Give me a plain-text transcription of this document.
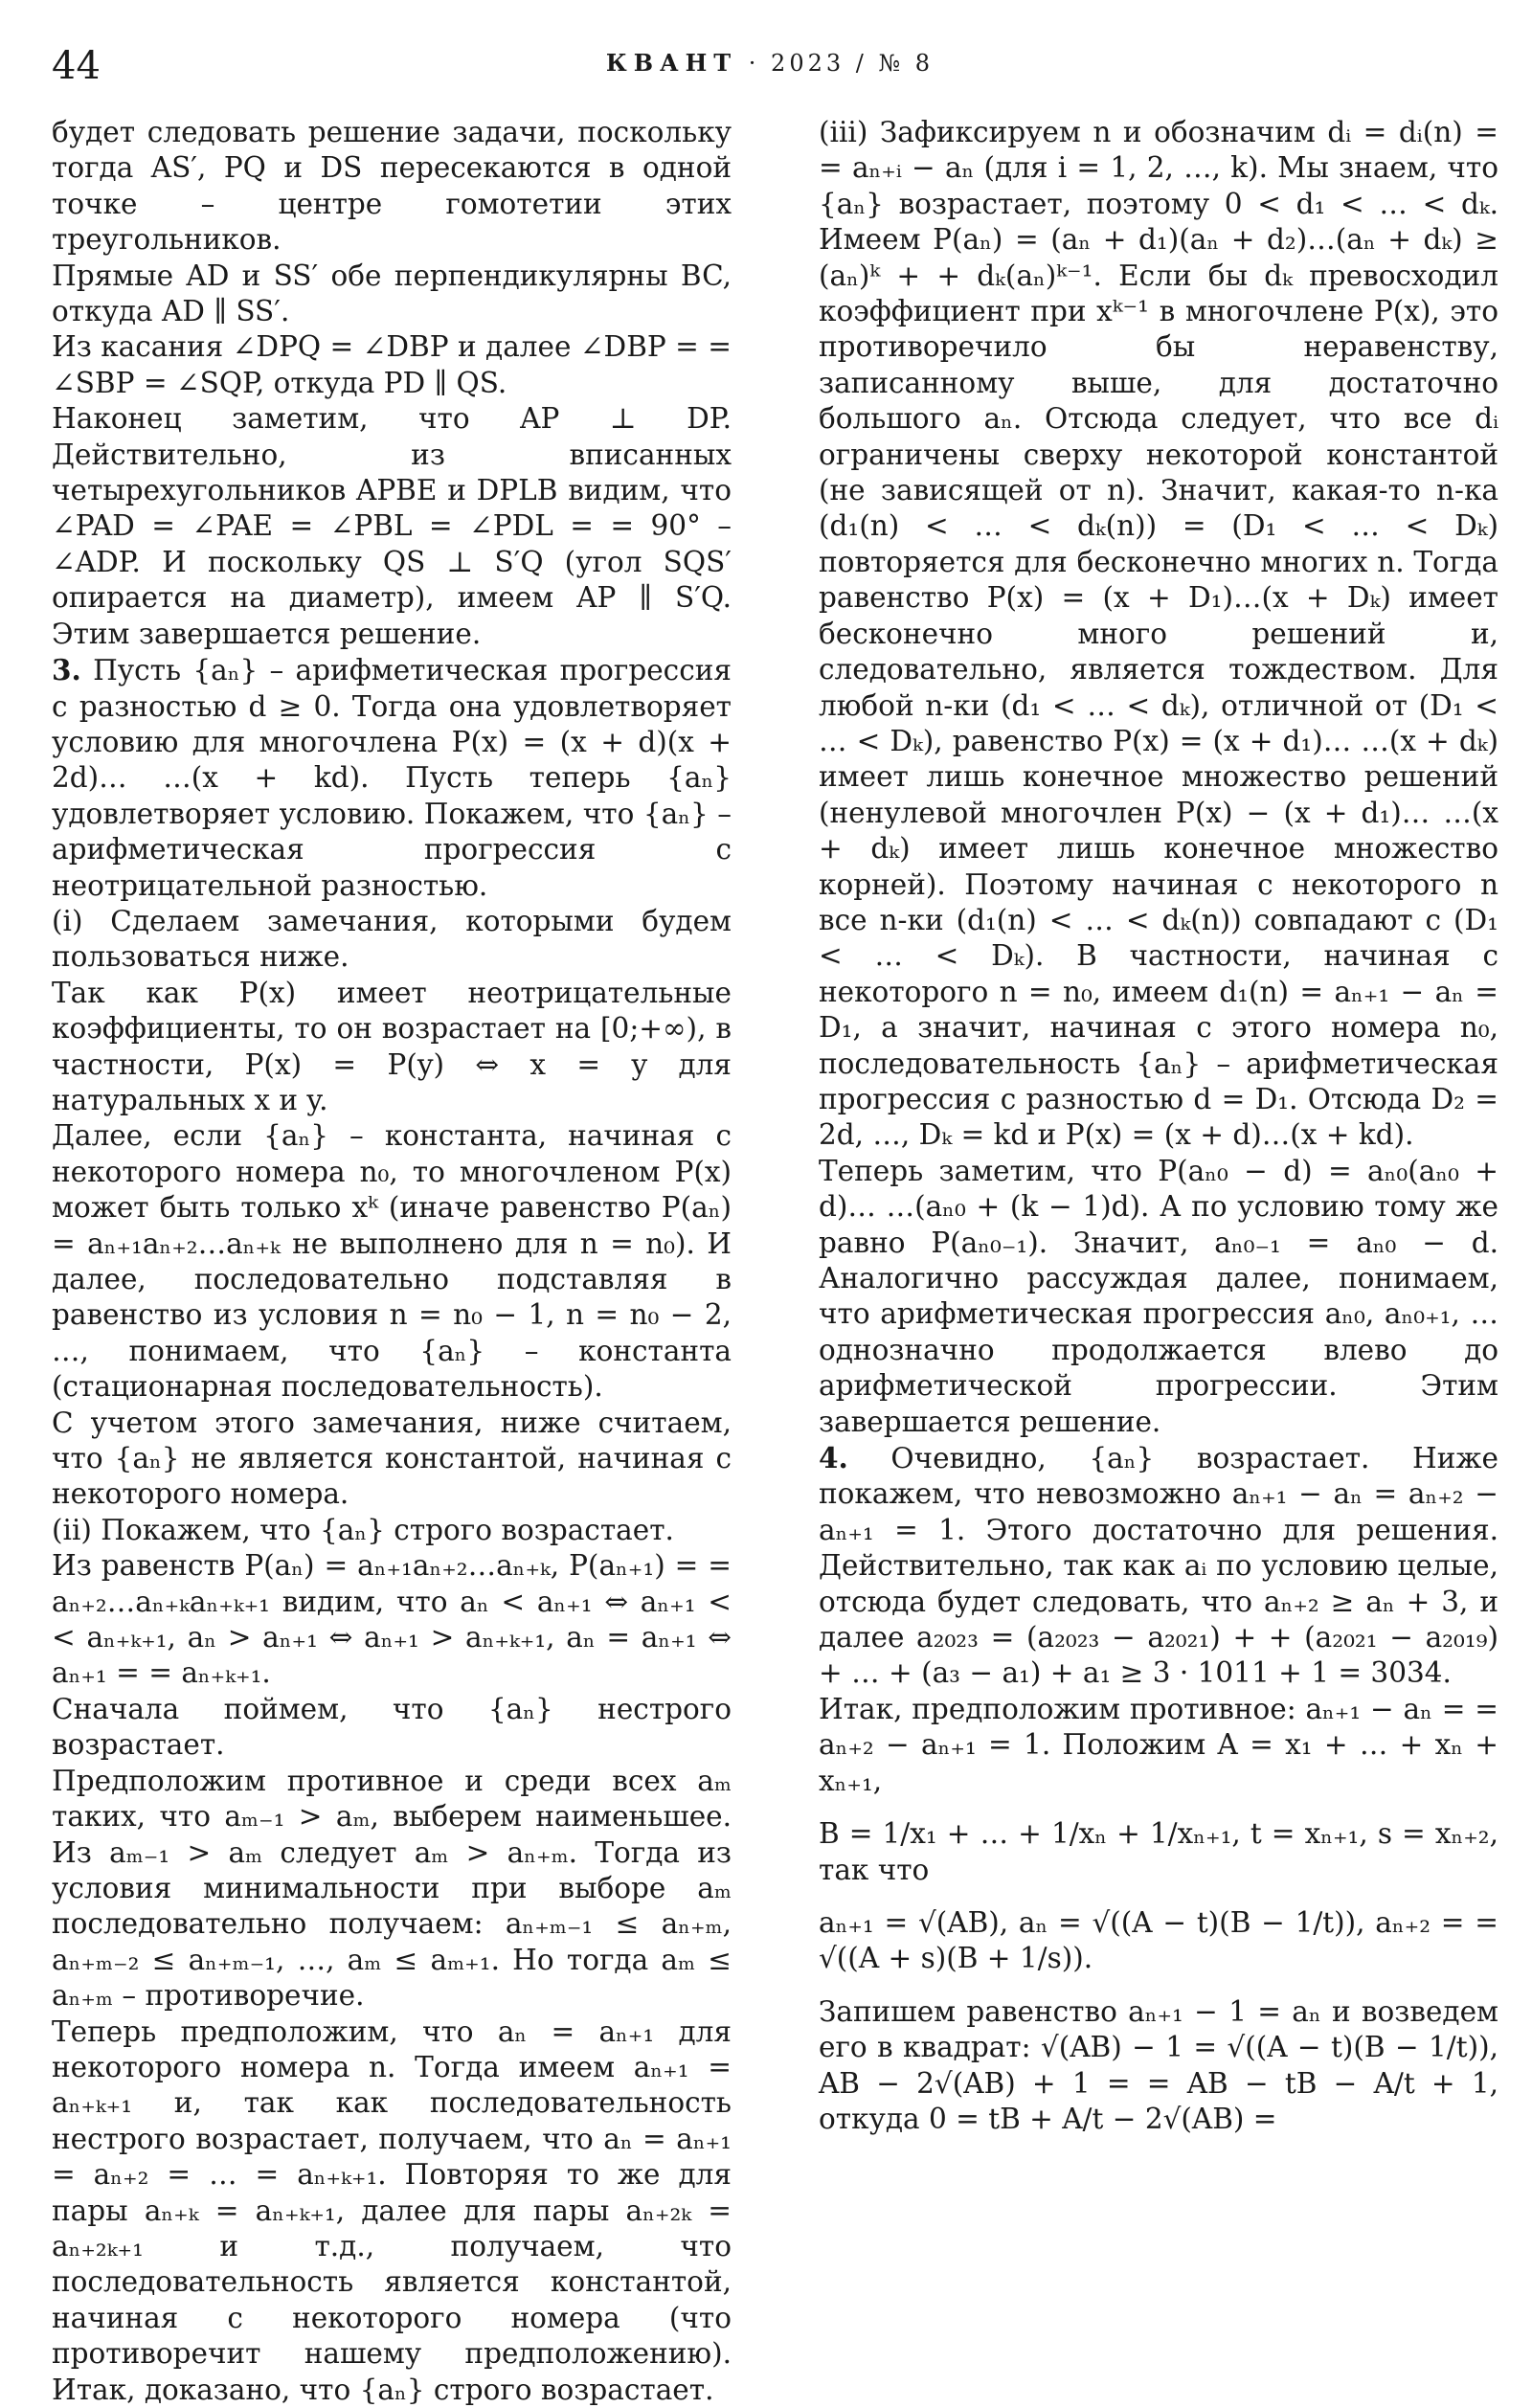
44	КВАНТ · 2023 / № 8

будет следовать решение задачи, поскольку тогда AS′, PQ и DS пересекаются в одной точке – центре гомотетии этих треугольников.

Прямые AD и SS′ обе перпендикулярны BC, откуда AD ∥ SS′.

Из касания ∠DPQ = ∠DBP и далее ∠DBP = = ∠SBP = ∠SQP, откуда PD ∥ QS.

Наконец заметим, что AP ⊥ DP. Действительно, из вписанных четырехугольников APBE и DPLB видим, что ∠PAD = ∠PAE = ∠PBL = ∠PDL = = 90° – ∠ADP. И поскольку QS ⊥ S′Q (угол SQS′ опирается на диаметр), имеем AP ∥ S′Q. Этим завершается решение.

3. Пусть {aₙ} – арифметическая прогрессия с разностью d ≥ 0. Тогда она удовлетворяет условию для многочлена P(x) = (x + d)(x + 2d)… …(x + kd). Пусть теперь {aₙ} удовлетворяет условию. Покажем, что {aₙ} – арифметическая прогрессия с неотрицательной разностью.

(i) Сделаем замечания, которыми будем пользоваться ниже.

Так как P(x) имеет неотрицательные коэффициенты, то он возрастает на [0;+∞), в частности, P(x) = P(y) ⇔ x = y для натуральных x и y.

Далее, если {aₙ} – константа, начиная с некоторого номера n₀, то многочленом P(x) может быть только xᵏ (иначе равенство P(aₙ) = aₙ₊₁aₙ₊₂…aₙ₊ₖ не выполнено для n = n₀). И далее, последовательно подставляя в равенство из условия n = n₀ − 1, n = n₀ − 2, …, понимаем, что {aₙ} – константа (стационарная последовательность).

С учетом этого замечания, ниже считаем, что {aₙ} не является константой, начиная с некоторого номера.

(ii) Покажем, что {aₙ} строго возрастает.

Из равенств P(aₙ) = aₙ₊₁aₙ₊₂…aₙ₊ₖ, P(aₙ₊₁) = = aₙ₊₂…aₙ₊ₖaₙ₊ₖ₊₁ видим, что aₙ < aₙ₊₁ ⇔ aₙ₊₁ < < aₙ₊ₖ₊₁, aₙ > aₙ₊₁ ⇔ aₙ₊₁ > aₙ₊ₖ₊₁, aₙ = aₙ₊₁ ⇔ aₙ₊₁ = = aₙ₊ₖ₊₁.

Сначала поймем, что {aₙ} нестрого возрастает.

Предположим противное и среди всех aₘ таких, что aₘ₋₁ > aₘ, выберем наименьшее. Из aₘ₋₁ > aₘ следует aₘ > aₙ₊ₘ. Тогда из условия минимальности при выборе aₘ последовательно получаем: aₙ₊ₘ₋₁ ≤ aₙ₊ₘ, aₙ₊ₘ₋₂ ≤ aₙ₊ₘ₋₁, …, aₘ ≤ aₘ₊₁. Но тогда aₘ ≤ aₙ₊ₘ – противоречие.

Теперь предположим, что aₙ = aₙ₊₁ для некоторого номера n. Тогда имеем aₙ₊₁ = aₙ₊ₖ₊₁ и, так как последовательность нестрого возрастает, получаем, что aₙ = aₙ₊₁ = aₙ₊₂ = … = aₙ₊ₖ₊₁. Повторяя то же для пары aₙ₊ₖ = aₙ₊ₖ₊₁, далее для пары aₙ₊₂ₖ = aₙ₊₂ₖ₊₁ и т.д., получаем, что последовательность является константой, начиная с некоторого номера (что противоречит нашему предположению). Итак, доказано, что {aₙ} строго возрастает.

(iii) Зафиксируем n и обозначим dᵢ = dᵢ(n) = = aₙ₊ᵢ − aₙ (для i = 1, 2, …, k). Мы знаем, что {aₙ} возрастает, поэтому 0 < d₁ < … < dₖ. Имеем P(aₙ) = (aₙ + d₁)(aₙ + d₂)…(aₙ + dₖ) ≥ (aₙ)ᵏ + + dₖ(aₙ)ᵏ⁻¹. Если бы dₖ превосходил коэффициент при xᵏ⁻¹ в многочлене P(x), это противоречило бы неравенству, записанному выше, для достаточно большого aₙ. Отсюда следует, что все dᵢ ограничены сверху некоторой константой (не зависящей от n). Значит, какая-то n-ка (d₁(n) < … < dₖ(n)) = (D₁ < … < Dₖ) повторяется для бесконечно многих n. Тогда равенство P(x) = (x + D₁)…(x + Dₖ) имеет бесконечно много решений и, следовательно, является тождеством. Для любой n-ки (d₁ < … < dₖ), отличной от (D₁ < … < Dₖ), равенство P(x) = (x + d₁)… …(x + dₖ) имеет лишь конечное множество решений (ненулевой многочлен P(x) − (x + d₁)… …(x + dₖ) имеет лишь конечное множество корней). Поэтому начиная с некоторого n все n-ки (d₁(n) < … < dₖ(n)) совпадают с (D₁ < … < Dₖ). В частности, начиная с некоторого n = n₀, имеем d₁(n) = aₙ₊₁ − aₙ = D₁, а значит, начиная с этого номера n₀, последовательность {aₙ} – арифметическая прогрессия с разностью d = D₁. Отсюда D₂ = 2d, …, Dₖ = kd и P(x) = (x + d)…(x + kd).

Теперь заметим, что P(aₙ₀ − d) = aₙ₀(aₙ₀ + d)… …(aₙ₀ + (k − 1)d). А по условию тому же равно P(aₙ₀₋₁). Значит, aₙ₀₋₁ = aₙ₀ − d. Аналогично рассуждая далее, понимаем, что арифметическая прогрессия aₙ₀, aₙ₀₊₁, … однозначно продолжается влево до арифметической прогрессии. Этим завершается решение.

4. Очевидно, {aₙ} возрастает. Ниже покажем, что невозможно aₙ₊₁ − aₙ = aₙ₊₂ − aₙ₊₁ = 1. Этого достаточно для решения. Действительно, так как aᵢ по условию целые, отсюда будет следовать, что aₙ₊₂ ≥ aₙ + 3, и далее a₂₀₂₃ = (a₂₀₂₃ − a₂₀₂₁) + + (a₂₀₂₁ − a₂₀₁₉) + … + (a₃ − a₁) + a₁ ≥ 3 · 1011 + 1 = 3034.

Итак, предположим противное: aₙ₊₁ − aₙ = = aₙ₊₂ − aₙ₊₁ = 1. Положим A = x₁ + … + xₙ + xₙ₊₁,

B = 1/x₁ + … + 1/xₙ + 1/xₙ₊₁, t = xₙ₊₁, s = xₙ₊₂, так что

aₙ₊₁ = √(AB), aₙ = √((A − t)(B − 1/t)), aₙ₊₂ = = √((A + s)(B + 1/s)).

Запишем равенство aₙ₊₁ − 1 = aₙ и возведем его в квадрат: √(AB) − 1 = √((A − t)(B − 1/t)), AB − 2√(AB) + 1 = = AB − tB − A/t + 1, откуда 0 = tB + A/t − 2√(AB) =
